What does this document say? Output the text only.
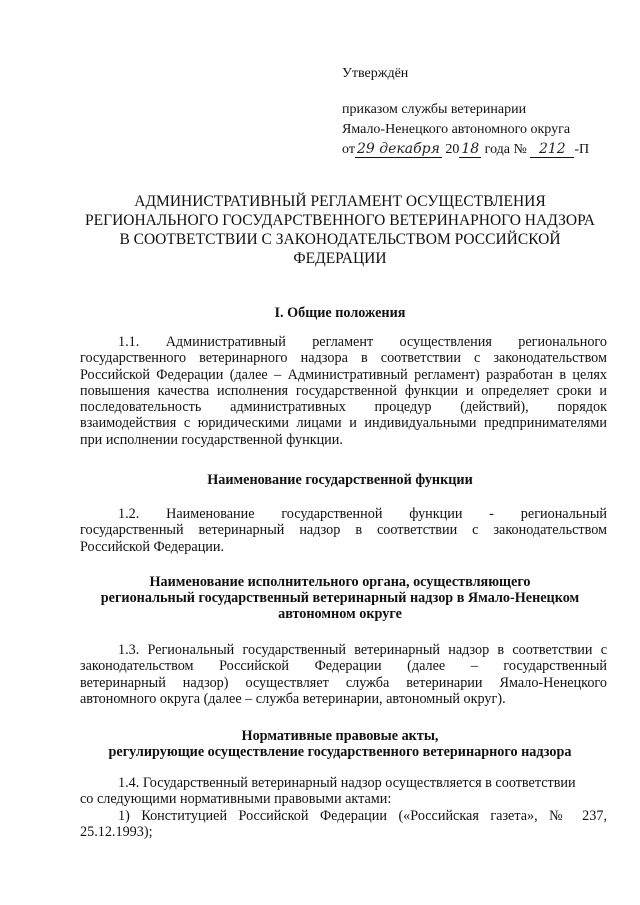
Утверждён
приказом службы ветеринарии
Ямало-Ненецкого автономного округа
от 29 декабря 20 18 года № 212 -П
АДМИНИСТРАТИВНЫЙ РЕГЛАМЕНТ ОСУЩЕСТВЛЕНИЯ
РЕГИОНАЛЬНОГО ГОСУДАРСТВЕННОГО ВЕТЕРИНАРНОГО НАДЗОРА
В СООТВЕТСТВИИ С ЗАКОНОДАТЕЛЬСТВОМ РОССИЙСКОЙ
ФЕДЕРАЦИИ
I. Общие положения
1.1. Административный регламент осуществления регионального
государственного ветеринарного надзора в соответствии с законодательством
Российской Федерации (далее – Административный регламент) разработан в целях
повышения качества исполнения государственной функции и определяет сроки и
последовательность административных процедур (действий), порядок
взаимодействия с юридическими лицами и индивидуальными предпринимателями
при исполнении государственной функции.
Наименование государственной функции
1.2. Наименование государственной функции - региональный
государственный ветеринарный надзор в соответствии с законодательством
Российской Федерации.
Наименование исполнительного органа, осуществляющего
региональный государственный ветеринарный надзор в Ямало-Ненецком
автономном округе
1.3. Региональный государственный ветеринарный надзор в соответствии с
законодательством Российской Федерации (далее – государственный
ветеринарный надзор) осуществляет служба ветеринарии Ямало-Ненецкого
автономного округа (далее – служба ветеринарии, автономный округ).
Нормативные правовые акты,
регулирующие осуществление государственного ветеринарного надзора
1.4. Государственный ветеринарный надзор осуществляется в соответствии
со следующими нормативными правовыми актами:
1) Конституцией Российской Федерации («Российская газета», № 237,
25.12.1993);
